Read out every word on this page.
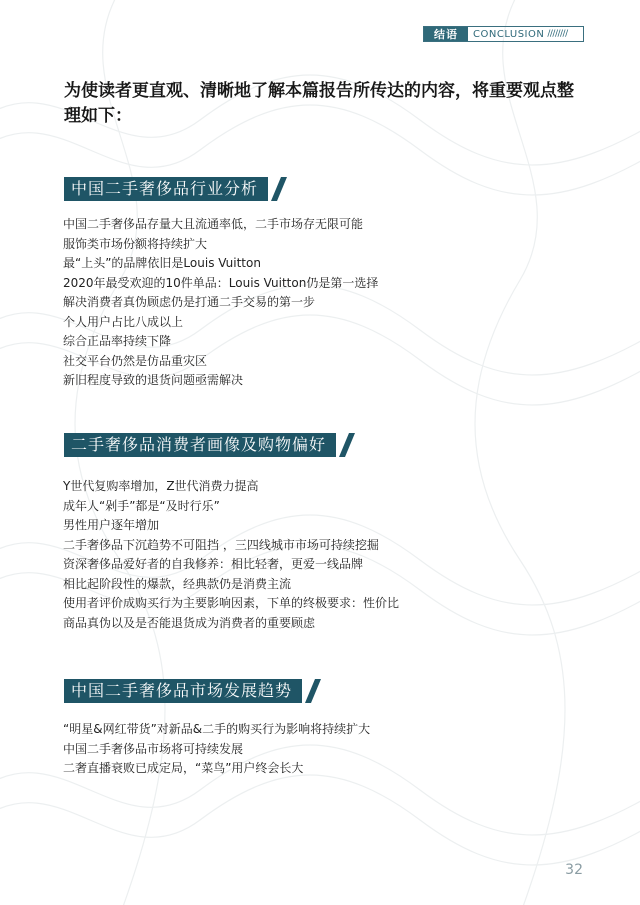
结语	CONCLUSION ////////
为使读者更直观、清晰地了解本篇报告所传达的内容，将重要观点整理如下：
中国二手奢侈品行业分析
中国二手奢侈品存量大且流通率低，二手市场存无限可能
服饰类市场份额将持续扩大
最“上头”的品牌依旧是Louis Vuitton
2020年最受欢迎的10件单品：Louis Vuitton仍是第一选择
解决消费者真伪顾虑仍是打通二手交易的第一步
个人用户占比八成以上
综合正品率持续下降
社交平台仍然是仿品重灾区
新旧程度导致的退货问题亟需解决
二手奢侈品消费者画像及购物偏好
Y世代复购率增加，Z世代消费力提高
成年人“剁手”都是“及时行乐”
男性用户逐年增加
二手奢侈品下沉趋势不可阻挡 ，三四线城市市场可持续挖掘
资深奢侈品爱好者的自我修养：相比轻奢，更爱一线品牌
相比起阶段性的爆款，经典款仍是消费主流
使用者评价成购买行为主要影响因素，下单的终极要求：性价比
商品真伪以及是否能退货成为消费者的重要顾虑
中国二手奢侈品市场发展趋势
“明星&网红带货”对新品&二手的购买行为影响将持续扩大
中国二手奢侈品市场将可持续发展
二奢直播衰败已成定局，“菜鸟”用户终会长大
32
